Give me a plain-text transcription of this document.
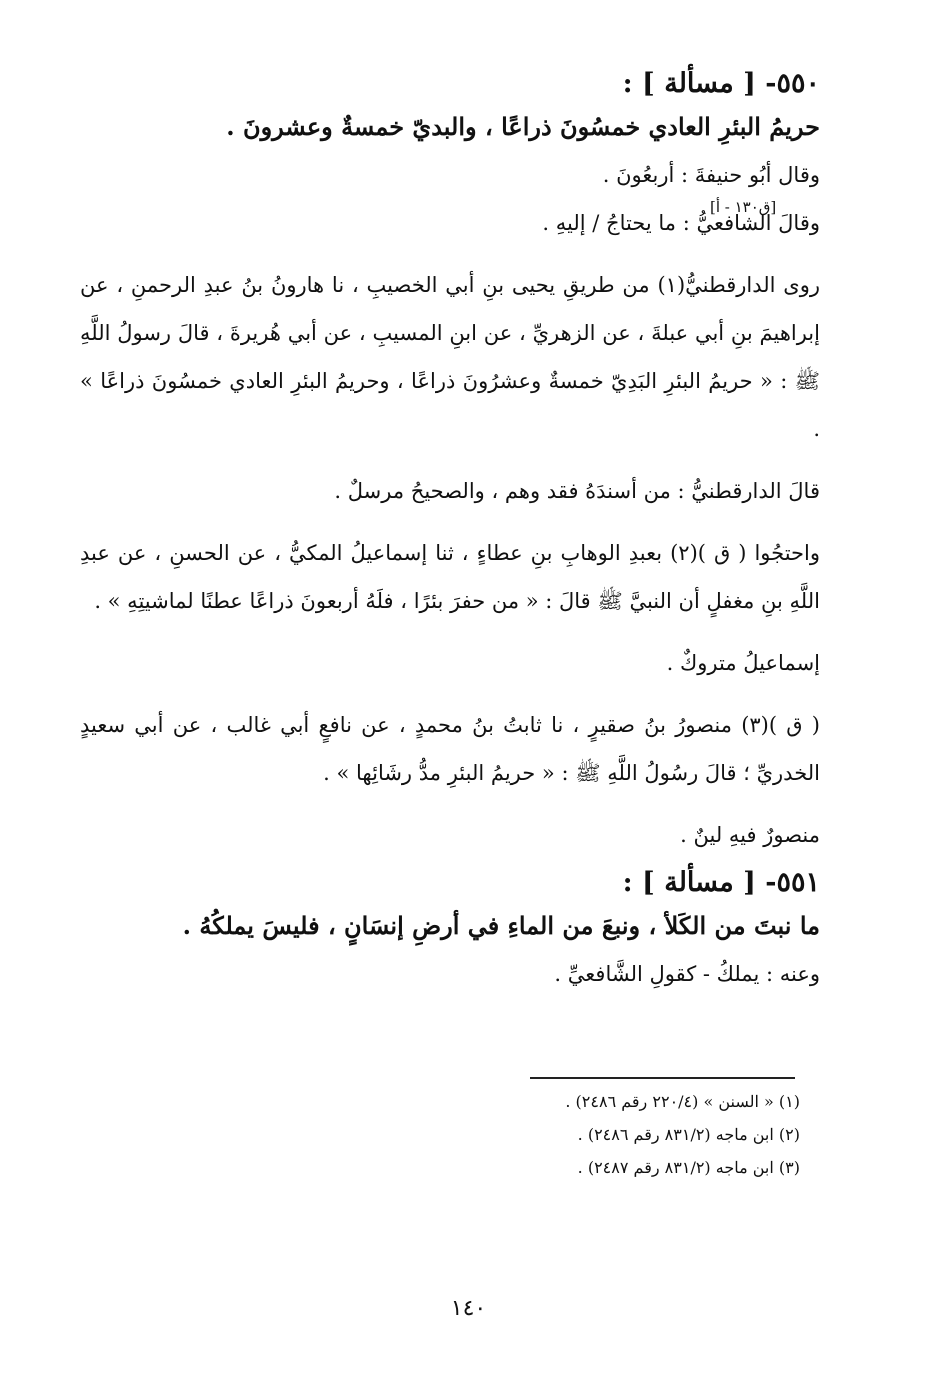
[ق١٣٠ - أ]
٥٥٠- [ مسألة ] :
حريمُ البئرِ العادي خمسُونَ ذراعًا ، والبديّ خمسةٌ وعشرونَ .

وقال أبُو حنيفةَ : أربعُونَ .

وقالَ الشافعيُّ : ما يحتاجُ / إليهِ .

روى الدارقطنيُّ(١) من طريقِ يحيى بنِ أبي الخصيبِ ، نا هارونُ بنُ عبدِ الرحمنِ ، عن إبراهيمَ بنِ أبي عبلةَ ، عن الزهريِّ ، عن ابنِ المسيبِ ، عن أبي هُريرةَ ، قالَ رسولُ اللَّهِ ﷺ : « حريمُ البئرِ البَدِيّ خمسةٌ وعشرُونَ ذراعًا ، وحريمُ البئرِ العادي خمسُونَ ذراعًا » .

قالَ الدارقطنيُّ : من أسندَهُ فقد وهم ، والصحيحُ مرسلٌ .

واحتجُوا ( ق )(٢) بعبدِ الوهابِ بنِ عطاءٍ ، ثنا إسماعيلُ المكيُّ ، عن الحسنِ ، عن عبدِ اللَّهِ بنِ مغفلٍ أن النبيَّ ﷺ قالَ : « من حفرَ بئرًا ، فلَهُ أربعونَ ذراعًا عطنًا لماشيتِهِ » .

إسماعيلُ متروكٌ .

( ق )(٣) منصورُ بنُ صقيرٍ ، نا ثابتُ بنُ محمدٍ ، عن نافعٍ أبي غالب ، عن أبي سعيدٍ الخدريِّ ؛ قالَ رسُولُ اللَّهِ ﷺ : « حريمُ البئرِ مدُّ رشَائِها » .

منصورٌ فيهِ لينٌ .

٥٥١- [ مسألة ] :
ما نبتَ من الكَلأ ، ونبعَ من الماءِ في أرضِ إنسَانٍ ، فليسَ يملكُهُ .

وعنه : يملكُ - كقولِ الشَّافعيِّ .

(١) « السنن » (٢٢٠/٤ رقم ٢٤٨٦) .
(٢) ابن ماجه (٨٣١/٢ رقم ٢٤٨٦) .
(٣) ابن ماجه (٨٣١/٢ رقم ٢٤٨٧) .
١٤٠
